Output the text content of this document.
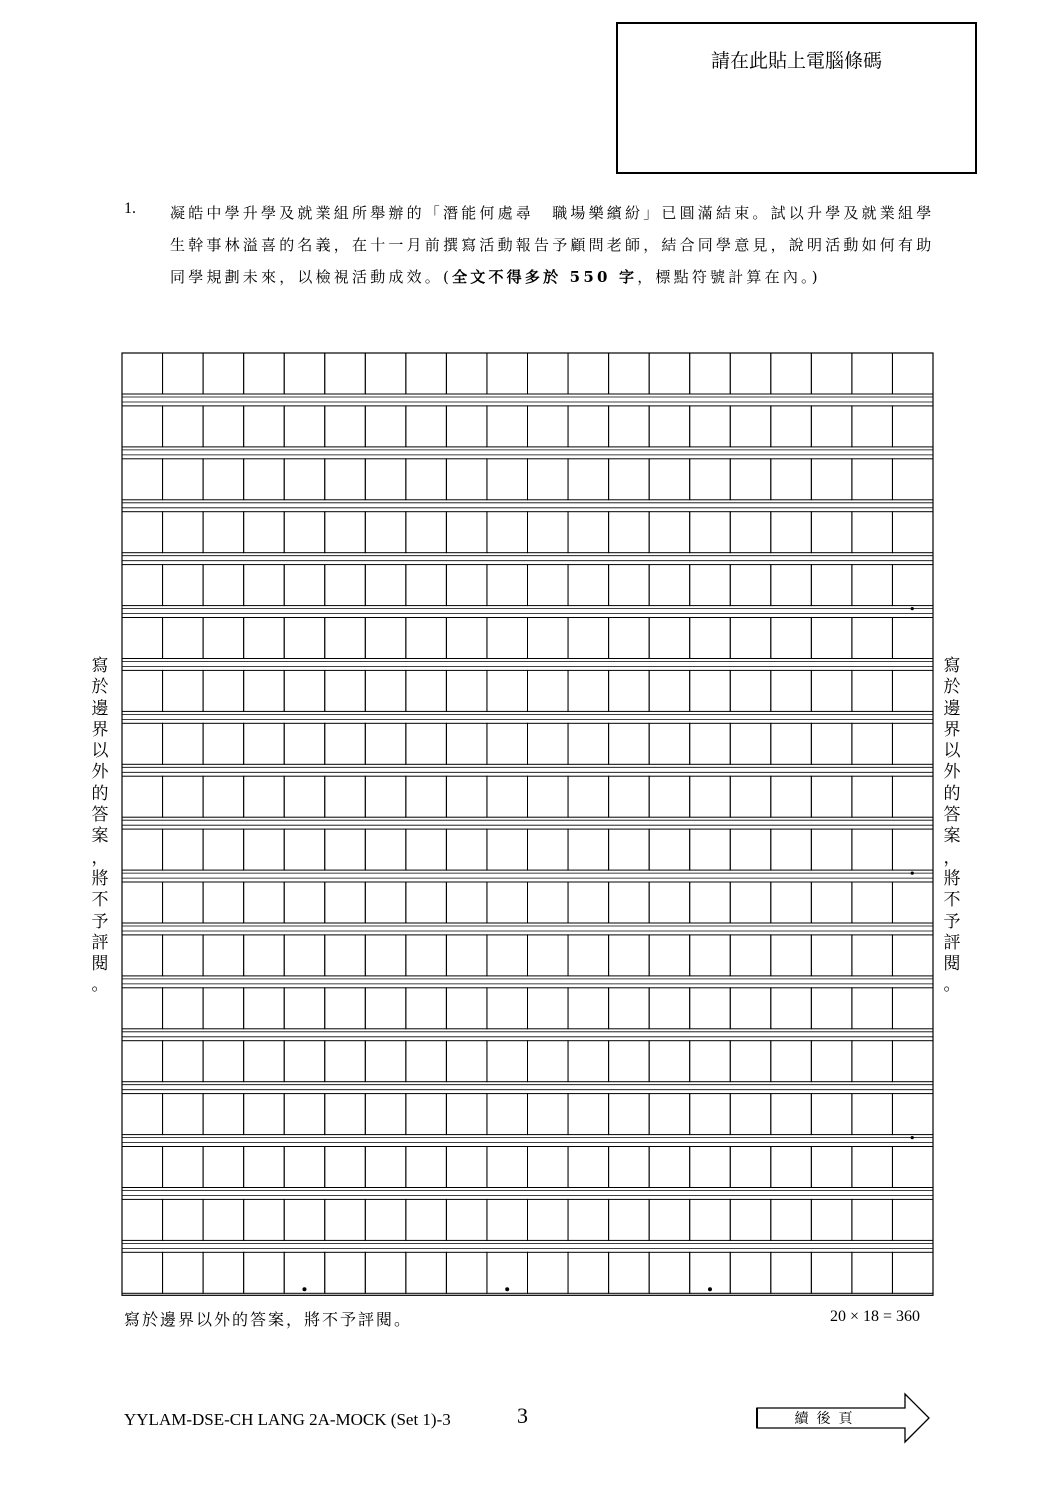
請在此貼上電腦條碼
1. 凝皓中學升學及就業組所舉辦的「潛能何處尋　職場樂繽紛」已圓滿結束。試以升學及就業組學生幹事林溢喜的名義，在十一月前撰寫活動報告予顧問老師，結合同學意見，說明活動如何有助同學規劃未來，以檢視活動成效。(全文不得多於 550 字，標點符號計算在內。)
寫
於
邊
界
以
外
的
答
案
，
將
不
予
評
閱
。
寫
於
邊
界
以
外
的
答
案
，
將
不
予
評
閱
。
寫於邊界以外的答案，將不予評閱。	20 × 18 = 360
YYLAM-DSE-CH LANG 2A-MOCK (Set 1)-3	3	續後頁
